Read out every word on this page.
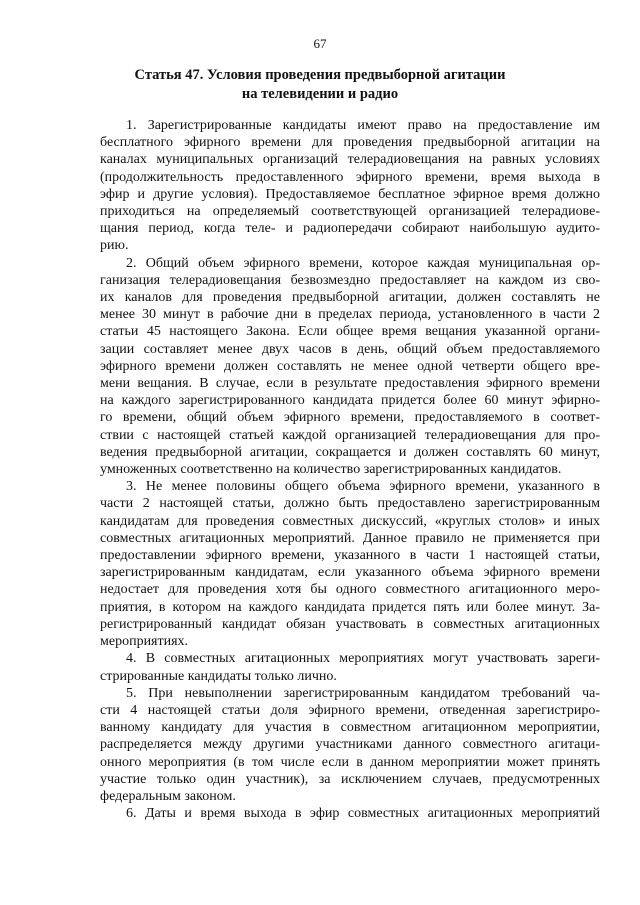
67
Статья 47. Условия проведения предвыборной агитации
на телевидении и радио

1. Зарегистрированные кандидаты имеют право на предоставление им
бесплатного эфирного времени для проведения предвыборной агитации на
каналах муниципальных организаций телерадиовещания на равных условиях
(продолжительность предоставленного эфирного времени, время выхода в
эфир и другие условия). Предоставляемое бесплатное эфирное время должно
приходиться на определяемый соответствующей организацией телерадиове-
щания период, когда теле- и радиопередачи собирают наибольшую аудито-
рию.

2. Общий объем эфирного времени, которое каждая муниципальная ор-
ганизация телерадиовещания безвозмездно предоставляет на каждом из сво-
их каналов для проведения предвыборной агитации, должен составлять не
менее 30 минут в рабочие дни в пределах периода, установленного в части 2
статьи 45 настоящего Закона. Если общее время вещания указанной органи-
зации составляет менее двух часов в день, общий объем предоставляемого
эфирного времени должен составлять не менее одной четверти общего вре-
мени вещания. В случае, если в результате предоставления эфирного времени
на каждого зарегистрированного кандидата придется более 60 минут эфирно-
го времени, общий объем эфирного времени, предоставляемого в соответ-
ствии с настоящей статьей каждой организацией телерадиовещания для про-
ведения предвыборной агитации, сокращается и должен составлять 60 минут,
умноженных соответственно на количество зарегистрированных кандидатов.

3. Не менее половины общего объема эфирного времени, указанного в
части 2 настоящей статьи, должно быть предоставлено зарегистрированным
кандидатам для проведения совместных дискуссий, «круглых столов» и иных
совместных агитационных мероприятий. Данное правило не применяется при
предоставлении эфирного времени, указанного в части 1 настоящей статьи,
зарегистрированным кандидатам, если указанного объема эфирного времени
недостает для проведения хотя бы одного совместного агитационного меро-
приятия, в котором на каждого кандидата придется пять или более минут. За-
регистрированный кандидат обязан участвовать в совместных агитационных
мероприятиях.

4. В совместных агитационных мероприятиях могут участвовать зареги-
стрированные кандидаты только лично.

5. При невыполнении зарегистрированным кандидатом требований ча-
сти 4 настоящей статьи доля эфирного времени, отведенная зарегистриро-
ванному кандидату для участия в совместном агитационном мероприятии,
распределяется между другими участниками данного совместного агитаци-
онного мероприятия (в том числе если в данном мероприятии может принять
участие только один участник), за исключением случаев, предусмотренных
федеральным законом.

6. Даты и время выхода в эфир совместных агитационных мероприятий
